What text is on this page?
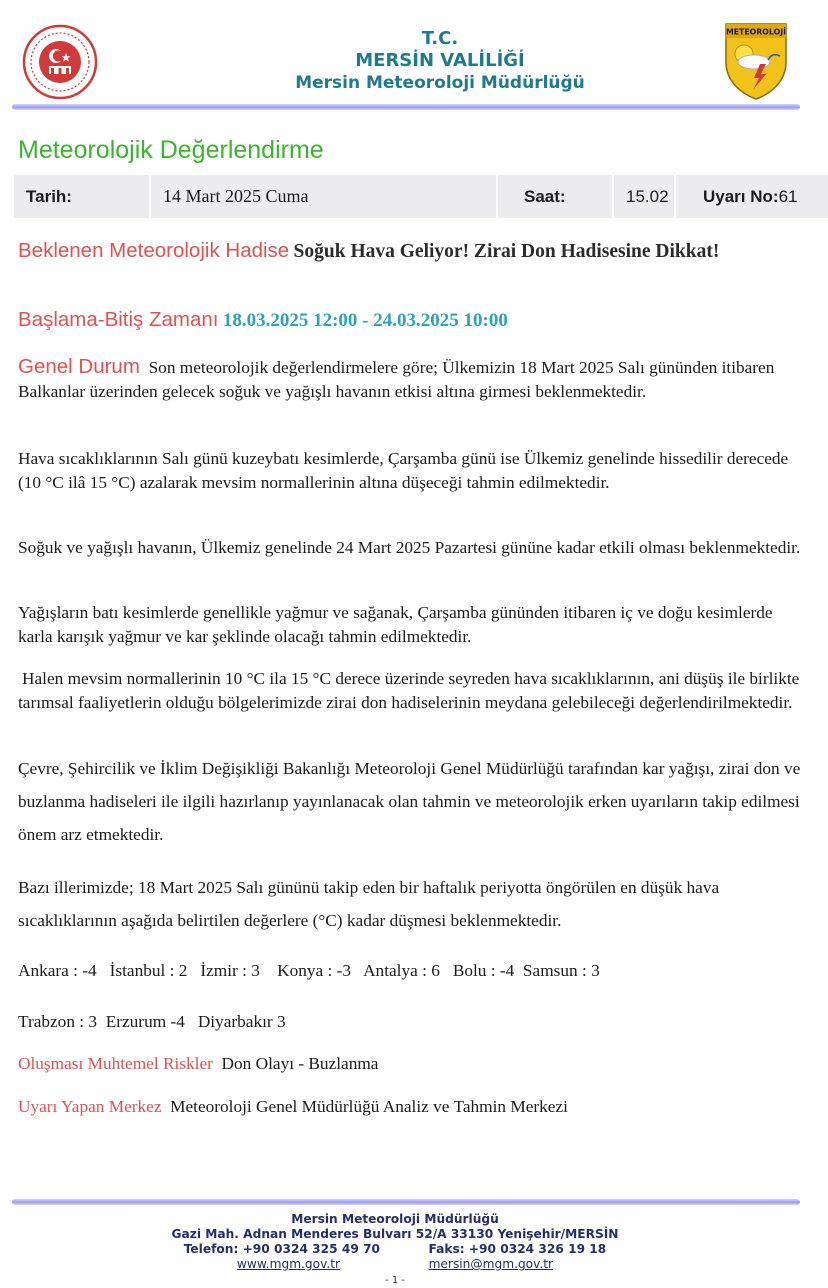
T.C.
MERSİN VALİLİĞİ
Mersin Meteoroloji Müdürlüğü
METEOROLOJİ
Meteorolojik Değerlendirme
Tarih:	14 Mart 2025 Cuma	Saat:	15.02	Uyarı No: 61
Beklenen Meteorolojik Hadise Soğuk Hava Geliyor! Zirai Don Hadisesine Dikkat!
Başlama-Bitiş Zamanı 18.03.2025 12:00 - 24.03.2025 10:00
Genel Durum Son meteorolojik değerlendirmelere göre; Ülkemizin 18 Mart 2025 Salı gününden itibaren Balkanlar üzerinden gelecek soğuk ve yağışlı havanın etkisi altına girmesi beklenmektedir.
Hava sıcaklıklarının Salı günü kuzeybatı kesimlerde, Çarşamba günü ise Ülkemiz genelinde hissedilir derecede (10 °C ilâ 15 °C) azalarak mevsim normallerinin altına düşeceği tahmin edilmektedir.
Soğuk ve yağışlı havanın, Ülkemiz genelinde 24 Mart 2025 Pazartesi gününe kadar etkili olması beklenmektedir.
Yağışların batı kesimlerde genellikle yağmur ve sağanak, Çarşamba gününden itibaren iç ve doğu kesimlerde karla karışık yağmur ve kar şeklinde olacağı tahmin edilmektedir.
Halen mevsim normallerinin 10 °C ila 15 °C derece üzerinde seyreden hava sıcaklıklarının, ani düşüş ile birlikte tarımsal faaliyetlerin olduğu bölgelerimizde zirai don hadiselerinin meydana gelebileceği değerlendirilmektedir.
Çevre, Şehircilik ve İklim Değişikliği Bakanlığı Meteoroloji Genel Müdürlüğü tarafından kar yağışı, zirai don ve buzlanma hadiseleri ile ilgili hazırlanıp yayınlanacak olan tahmin ve meteorolojik erken uyarıların takip edilmesi önem arz etmektedir.
Bazı illerimizde; 18 Mart 2025 Salı gününü takip eden bir haftalık periyotta öngörülen en düşük hava sıcaklıklarının aşağıda belirtilen değerlere (°C) kadar düşmesi beklenmektedir.
Ankara : -4   İstanbul : 2   İzmir : 3    Konya : -3   Antalya : 6   Bolu : -4  Samsun : 3
Trabzon : 3  Erzurum -4   Diyarbakır 3
Oluşması Muhtemel Riskler Don Olayı - Buzlanma
Uyarı Yapan Merkez Meteoroloji Genel Müdürlüğü Analiz ve Tahmin Merkezi
Mersin Meteoroloji Müdürlüğü
Gazi Mah. Adnan Menderes Bulvarı 52/A 33130 Yenişehir/MERSİN
Telefon: +90 0324 325 49 70	Faks: +90 0324 326 19 18
www.mgm.gov.tr	mersin@mgm.gov.tr
- 1 -
